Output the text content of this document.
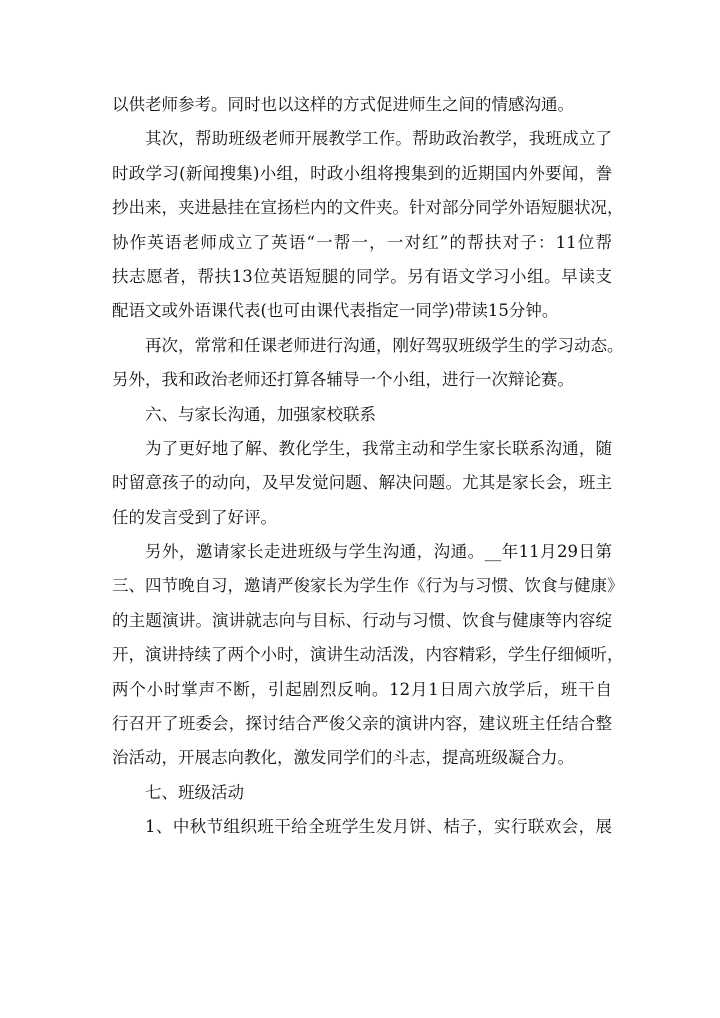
以供老师参考。同时也以这样的方式促进师生之间的情感沟通。
其次，帮助班级老师开展教学工作。帮助政治教学，我班成立了
时政学习(新闻搜集)小组，时政小组将搜集到的近期国内外要闻，誊
抄出来，夹进悬挂在宣扬栏内的文件夹。针对部分同学外语短腿状况，
协作英语老师成立了英语“一帮一，一对红”的帮扶对子：11位帮
扶志愿者，帮扶13位英语短腿的同学。另有语文学习小组。早读支
配语文或外语课代表(也可由课代表指定一同学)带读15分钟。
再次，常常和任课老师进行沟通，刚好驾驭班级学生的学习动态。
另外，我和政治老师还打算各辅导一个小组，进行一次辩论赛。
六、与家长沟通，加强家校联系
为了更好地了解、教化学生，我常主动和学生家长联系沟通，随
时留意孩子的动向，及早发觉问题、解决问题。尤其是家长会，班主
任的发言受到了好评。
另外，邀请家长走进班级与学生沟通，沟通。__年11月29日第
三、四节晚自习，邀请严俊家长为学生作《行为与习惯、饮食与健康》
的主题演讲。演讲就志向与目标、行动与习惯、饮食与健康等内容绽
开，演讲持续了两个小时，演讲生动活泼，内容精彩，学生仔细倾听，
两个小时掌声不断，引起剧烈反响。12月1日周六放学后，班干自
行召开了班委会，探讨结合严俊父亲的演讲内容，建议班主任结合整
治活动，开展志向教化，激发同学们的斗志，提高班级凝合力。
七、班级活动
1、中秋节组织班干给全班学生发月饼、桔子，实行联欢会，展
